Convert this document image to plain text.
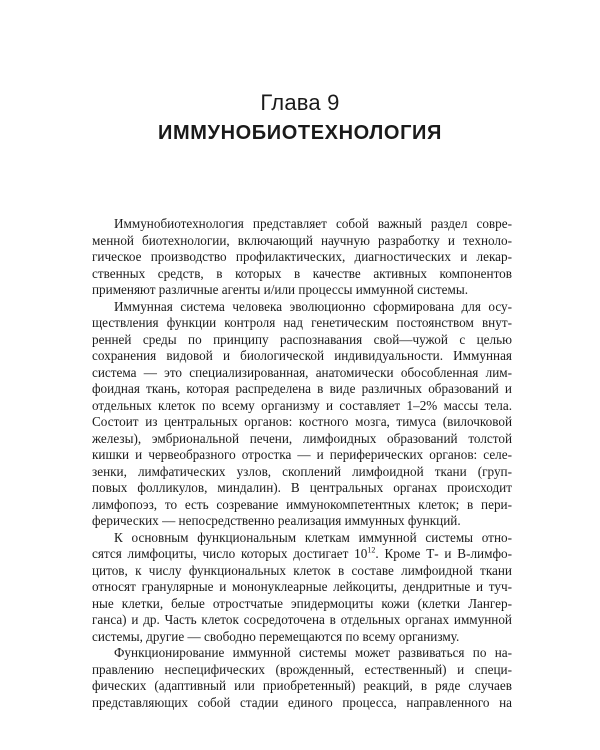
Глава 9
ИММУНОБИОТЕХНОЛОГИЯ
Иммунобиотехнология представляет собой важный раздел совре-
менной биотехнологии, включающий научную разработку и техноло-
гическое производство профилактических, диагностических и лекар-
ственных средств, в которых в качестве активных компонентов
применяют различные агенты и/или процессы иммунной системы.
Иммунная система человека эволюционно сформирована для осу-
ществления функции контроля над генетическим постоянством внут-
ренней среды по принципу распознавания свой—чужой с целью
сохранения видовой и биологической индивидуальности. Иммунная
система — это специализированная, анатомически обособленная лим-
фоидная ткань, которая распределена в виде различных образований и
отдельных клеток по всему организму и составляет 1–2% массы тела.
Состоит из центральных органов: костного мозга, тимуса (вилочковой
железы), эмбриональной печени, лимфоидных образований толстой
кишки и червеобразного отростка — и периферических органов: селе-
зенки, лимфатических узлов, скоплений лимфоидной ткани (груп-
повых фолликулов, миндалин). В центральных органах происходит
лимфопоэз, то есть созревание иммунокомпетентных клеток; в пери-
ферических — непосредственно реализация иммунных функций.
К основным функциональным клеткам иммунной системы отно-
сятся лимфоциты, число которых достигает $10^{12}$. Кроме Т- и В-лимфо-
цитов, к числу функциональных клеток в составе лимфоидной ткани
относят гранулярные и мононуклеарные лейкоциты, дендритные и туч-
ные клетки, белые отростчатые эпидермоциты кожи (клетки Лангер-
ганса) и др. Часть клеток сосредоточена в отдельных органах иммунной
системы, другие — свободно перемещаются по всему организму.
Функционирование иммунной системы может развиваться по на-
правлению неспецифических (врожденный, естественный) и специ-
фических (адаптивный или приобретенный) реакций, в ряде случаев
представляющих собой стадии единого процесса, направленного на
